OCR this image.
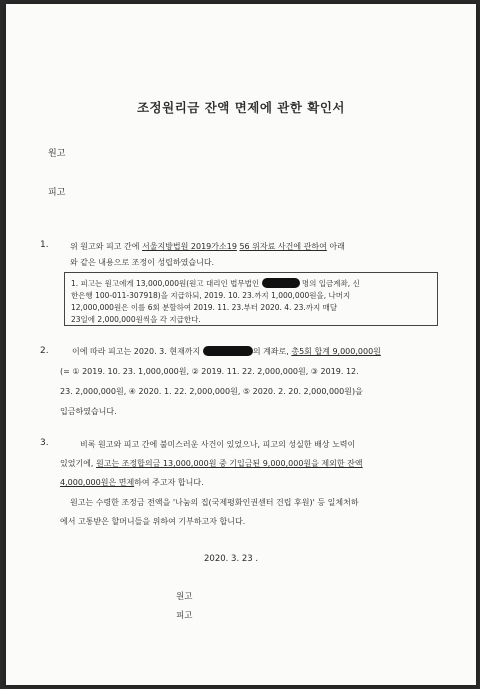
조정원리금 잔액 면제에 관한 확인서
원고
피고
1.	위 원고와 피고 간에 서울지방법원 2019가소19 56 위자료 사건에 관하여 아래
와 같은 내용으로 조정이 성립하였습니다.
1. 피고는 원고에게 13,000,000원(원고 대리인 법무법인	명의 입금계좌, 신
한은행 100-011-307918)을 지급하되, 2019. 10. 23.까지 1,000,000원을, 나머지
12,000,000원은 이를 6회 분할하여 2019. 11. 23.부터 2020. 4. 23.까지 매달
23일에 2,000,000원씩을 각 지급한다.
2.	이에 따라 피고는 2020. 3. 현재까지	의 계좌로, 총5회 합계 9,000,000원
(= ① 2019. 10. 23. 1,000,000원, ② 2019. 11. 22. 2,000,000원, ③ 2019. 12.
23. 2,000,000원, ④ 2020. 1. 22. 2,000,000원, ⑤ 2020. 2. 20. 2,000,000원)을
입금하였습니다.
3.	비록 원고와 피고 간에 불미스러운 사건이 있었으나, 피고의 성실한 배상 노력이
있었기에, 원고는 조정합의금 13,000,000원 중 기입금된 9,000,000원을 제외한 잔액
4,000,000원은 면제하여 주고자 합니다.
원고는 수령한 조정금 전액을 '나눔의 집(국제평화인권센터 건립 후원)' 등 일체처하
에서 고통받은 할머니들을 위하여 기부하고자 합니다.
2020. 3. 23 .
원고
피고
